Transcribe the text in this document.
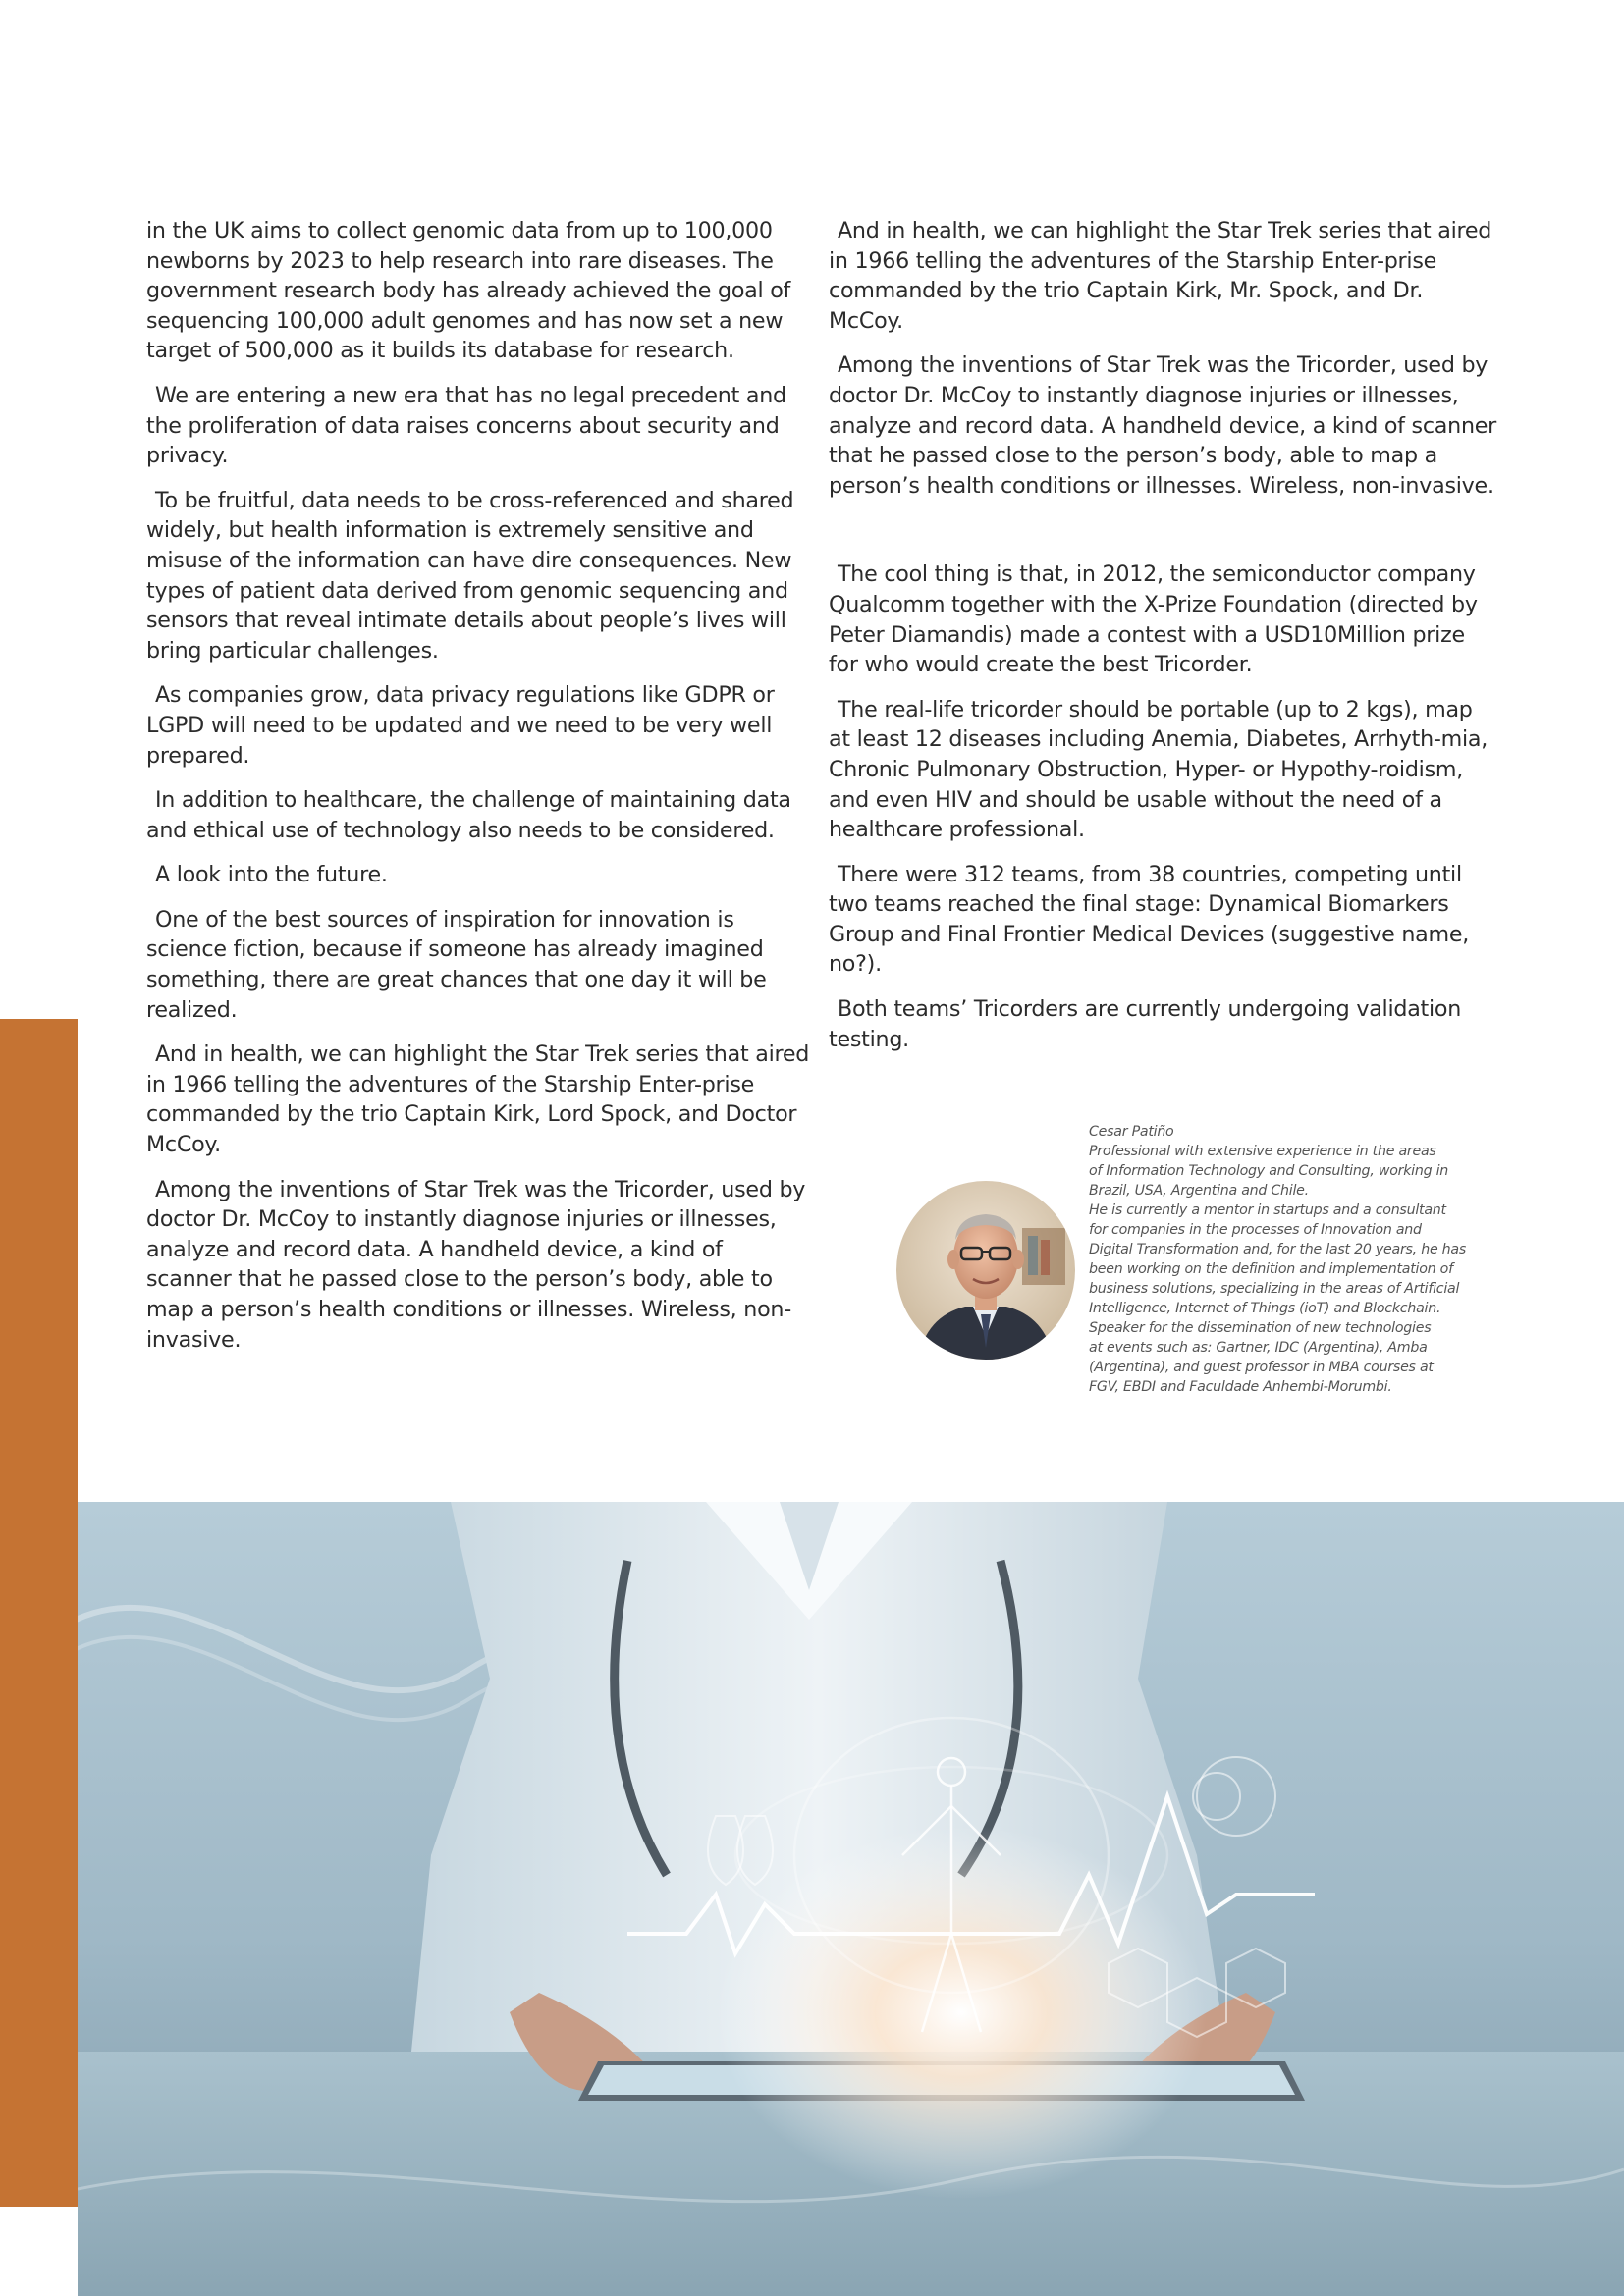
in the UK aims to collect genomic data from up to 100,000 newborns by 2023 to help research into rare diseases. The government research body has already achieved the goal of sequencing 100,000 adult genomes and has now set a new target of 500,000 as it builds its database for research.

We are entering a new era that has no legal precedent and the proliferation of data raises concerns about security and privacy.

To be fruitful, data needs to be cross-referenced and shared widely, but health information is extremely sensitive and misuse of the information can have dire consequences. New types of patient data derived from genomic sequencing and sensors that reveal intimate details about people’s lives will bring particular challenges.

As companies grow, data privacy regulations like GDPR or LGPD will need to be updated and we need to be very well prepared.

In addition to healthcare, the challenge of maintaining data and ethical use of technology also needs to be considered.

A look into the future.

One of the best sources of inspiration for innovation is science fiction, because if someone has already imagined something, there are great chances that one day it will be realized.

And in health, we can highlight the Star Trek series that aired in 1966 telling the adventures of the Starship Enter-prise commanded by the trio Captain Kirk, Lord Spock, and Doctor McCoy.

Among the inventions of Star Trek was the Tricorder, used by doctor Dr. McCoy to instantly diagnose injuries or illnesses, analyze and record data. A handheld device, a kind of scanner that he passed close to the person’s body, able to map a person’s health conditions or illnesses. Wireless, non-invasive.

And in health, we can highlight the Star Trek series that aired in 1966 telling the adventures of the Starship Enter-prise commanded by the trio Captain Kirk, Mr. Spock, and Dr. McCoy.

Among the inventions of Star Trek was the Tricorder, used by doctor Dr. McCoy to instantly diagnose injuries or illnesses, analyze and record data. A handheld device, a kind of scanner that he passed close to the person’s body, able to map a person’s health conditions or illnesses. Wireless, non-invasive.

The cool thing is that, in 2012, the semiconductor company Qualcomm together with the X-Prize Foundation (directed by Peter Diamandis) made a contest with a USD10Million prize for who would create the best Tricorder.

The real-life tricorder should be portable (up to 2 kgs), map at least 12 diseases including Anemia, Diabetes, Arrhyth-mia, Chronic Pulmonary Obstruction, Hyper- or Hypothy-roidism, and even HIV and should be usable without the need of a healthcare professional.

There were 312 teams, from 38 countries, competing until two teams reached the final stage: Dynamical Biomarkers Group and Final Frontier Medical Devices (suggestive name, no?).

Both teams’ Tricorders are currently undergoing validation testing.

Cesar Patiño
Professional with extensive experience in the areas
of Information Technology and Consulting, working in
Brazil, USA, Argentina and Chile.
He is currently a mentor in startups and a consultant
for companies in the processes of Innovation and
Digital Transformation and, for the last 20 years, he has
been working on the definition and implementation of
business solutions, specializing in the areas of Artificial
Intelligence, Internet of Things (ioT) and Blockchain.
Speaker for the dissemination of new technologies
at events such as: Gartner, IDC (Argentina), Amba
(Argentina), and guest professor in MBA courses at
FGV, EBDI and Faculdade Anhembi-Morumbi.
